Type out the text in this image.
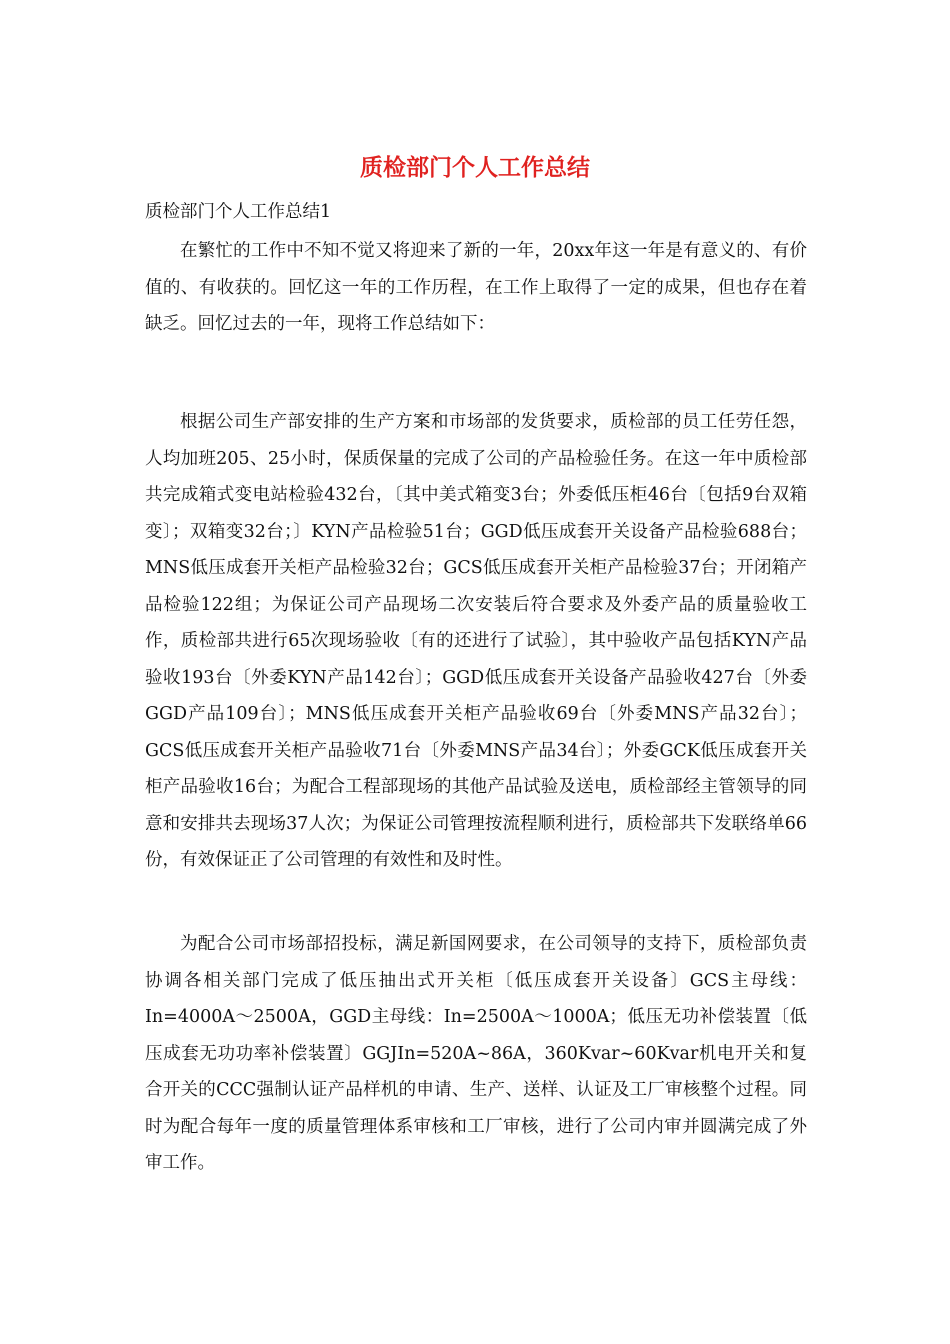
质检部门个人工作总结

质检部门个人工作总结1

在繁忙的工作中不知不觉又将迎来了新的一年，20xx年这一年是有意义的、有价值的、有收获的。回忆这一年的工作历程，在工作上取得了一定的成果，但也存在着缺乏。回忆过去的一年，现将工作总结如下：

根据公司生产部安排的生产方案和市场部的发货要求，质检部的员工任劳任怨，人均加班205、25小时，保质保量的完成了公司的产品检验任务。在这一年中质检部共完成箱式变电站检验432台，〔其中美式箱变3台；外委低压柜46台〔包括9台双箱变〕；双箱变32台；〕KYN产品检验51台；GGD低压成套开关设备产品检验688台；MNS低压成套开关柜产品检验32台；GCS低压成套开关柜产品检验37台；开闭箱产品检验122组；为保证公司产品现场二次安装后符合要求及外委产品的质量验收工作，质检部共进行65次现场验收〔有的还进行了试验〕，其中验收产品包括KYN产品验收193台〔外委KYN产品142台〕；GGD低压成套开关设备产品验收427台〔外委GGD产品109台〕；MNS低压成套开关柜产品验收69台〔外委MNS产品32台〕；GCS低压成套开关柜产品验收71台〔外委MNS产品34台〕；外委GCK低压成套开关柜产品验收16台；为配合工程部现场的其他产品试验及送电，质检部经主管领导的同意和安排共去现场37人次；为保证公司管理按流程顺利进行，质检部共下发联络单66份，有效保证正了公司管理的有效性和及时性。

为配合公司市场部招投标，满足新国网要求，在公司领导的支持下，质检部负责协调各相关部门完成了低压抽出式开关柜〔低压成套开关设备〕GCS主母线：In=4000A～2500A，GGD主母线：In=2500A～1000A；低压无功补偿装置〔低压成套无功功率补偿装置〕GGJIn=520A~86A，360Kvar~60Kvar机电开关和复合开关的CCC强制认证产品样机的申请、生产、送样、认证及工厂审核整个过程。同时为配合每年一度的质量管理体系审核和工厂审核，进行了公司内审并圆满完成了外审工作。
